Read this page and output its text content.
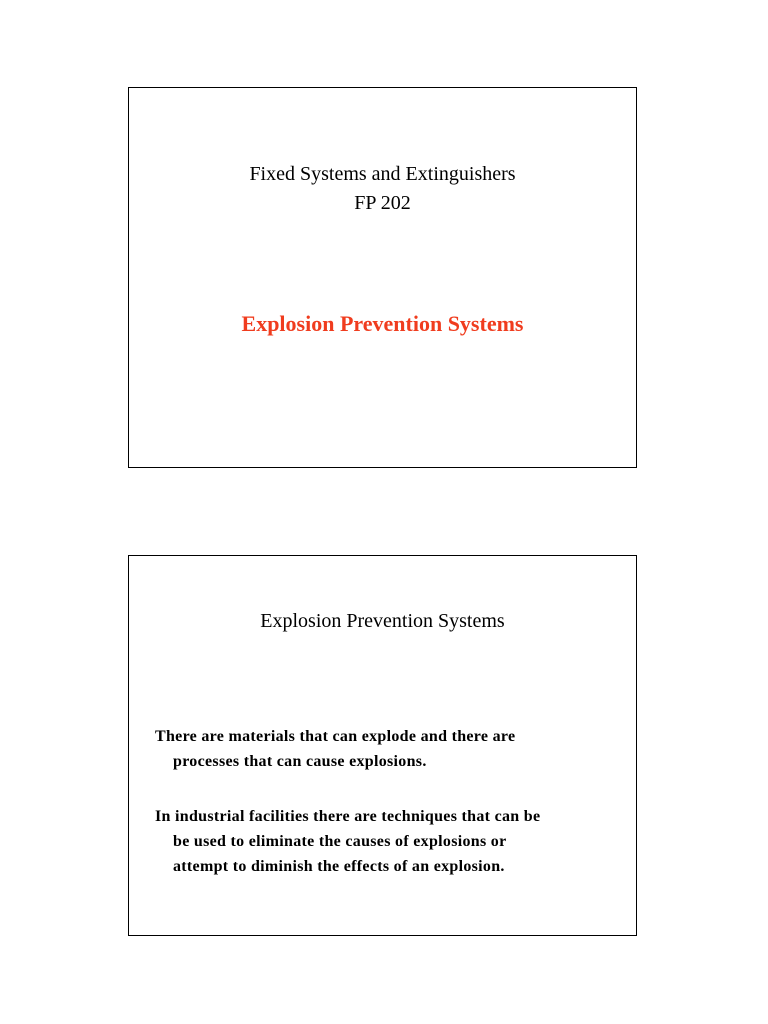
Fixed Systems and Extinguishers
FP 202
Explosion Prevention Systems
Explosion Prevention Systems
There are materials that can explode and there are
processes that can cause explosions.
In industrial facilities there are techniques that can be
be used to eliminate the causes of explosions or
attempt to diminish the effects of an explosion.
